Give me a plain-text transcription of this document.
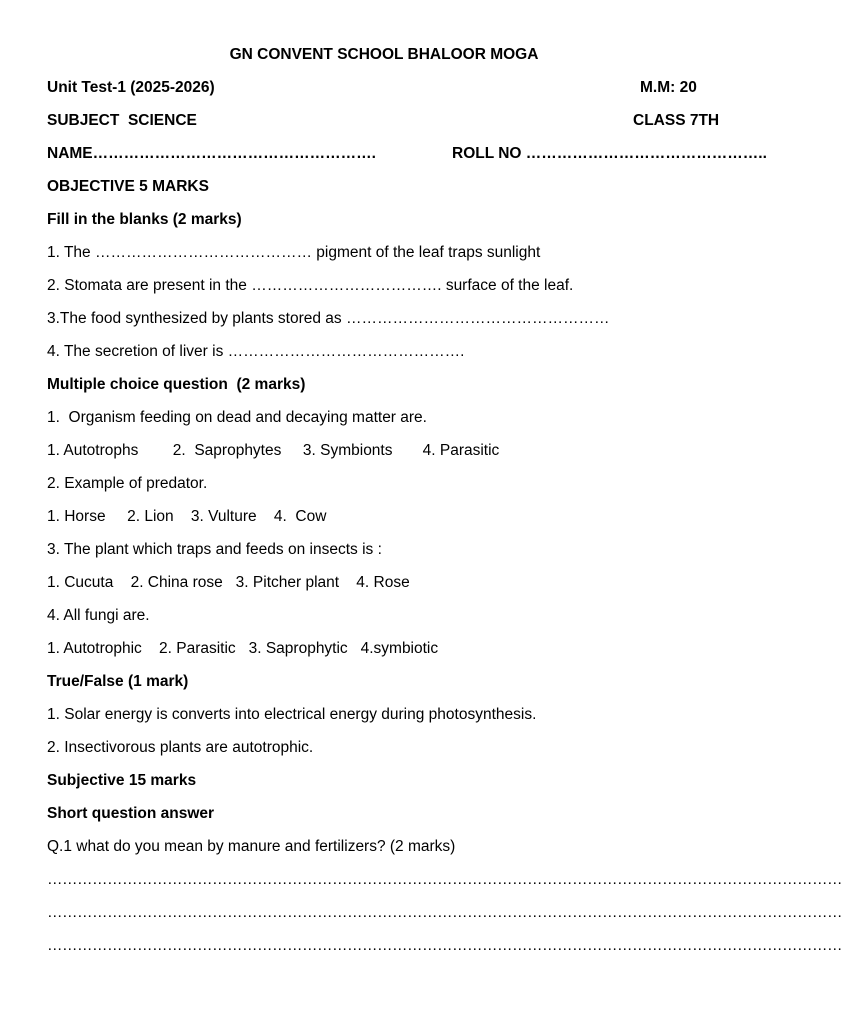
GN CONVENT SCHOOL BHALOOR MOGA
Unit Test-1 (2025-2026)	M.M: 20
SUBJECT  SCIENCE	CLASS 7TH
NAME……………………………………………….	ROLL NO ………………………………………..
OBJECTIVE 5 MARKS
Fill in the blanks (2 marks)
1. The …………………………………… pigment of the leaf traps sunlight
2. Stomata are present in the ………………………………. surface of the leaf.
3.The food synthesized by plants stored as ……………………………………………
4. The secretion of liver is ……………………………………….
Multiple choice question  (2 marks)
1.  Organism feeding on dead and decaying matter are.
1. Autotrophs        2.  Saprophytes     3. Symbionts       4. Parasitic
2. Example of predator.
1. Horse     2. Lion    3. Vulture    4.  Cow
3. The plant which traps and feeds on insects is :
1. Cucuta    2. China rose   3. Pitcher plant    4. Rose
4. All fungi are.
1. Autotrophic    2. Parasitic   3. Saprophytic   4.symbiotic
True/False (1 mark)
1. Solar energy is converts into electrical energy during photosynthesis.
2. Insectivorous plants are autotrophic.
Subjective 15 marks
Short question answer
Q.1 what do you mean by manure and fertilizers? (2 marks)
……………………………………………………………………………………………………………………………………………
……………………………………………………………………………………………………………………………………………
……………………………………………………………………………………………………………………………………………
